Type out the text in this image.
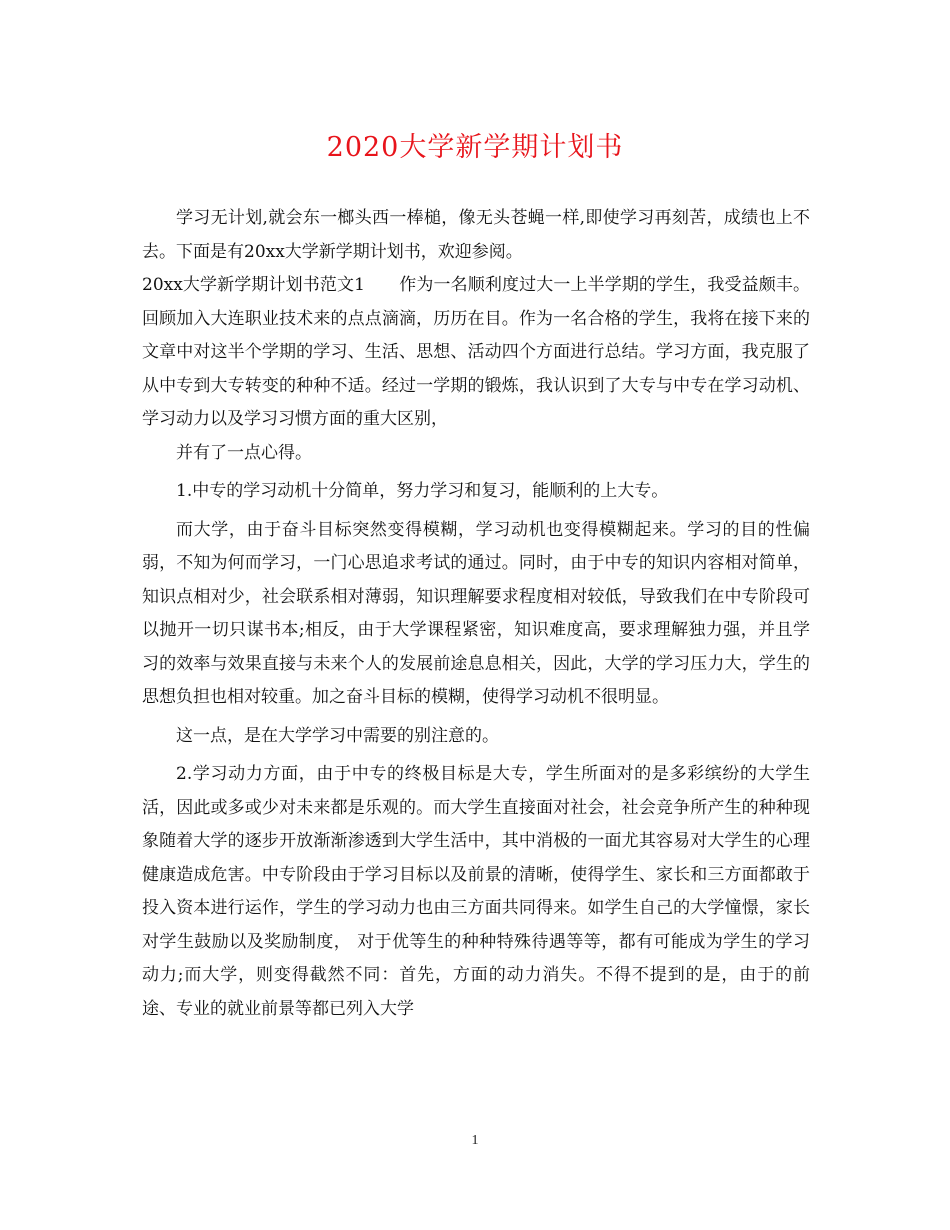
2020大学新学期计划书

学习无计划,就会东一榔头西一棒槌，像无头苍蝇一样,即使学习再刻苦，成绩也上不去。下面是有20xx大学新学期计划书，欢迎参阅。

20xx大学新学期计划书范文1　　作为一名顺利度过大一上半学期的学生，我受益颇丰。回顾加入大连职业技术来的点点滴滴，历历在目。作为一名合格的学生，我将在接下来的文章中对这半个学期的学习、生活、思想、活动四个方面进行总结。学习方面，我克服了从中专到大专转变的种种不适。经过一学期的锻炼，我认识到了大专与中专在学习动机、学习动力以及学习习惯方面的重大区别，

并有了一点心得。

1.中专的学习动机十分简单，努力学习和复习，能顺利的上大专。

而大学，由于奋斗目标突然变得模糊，学习动机也变得模糊起来。学习的目的性偏弱，不知为何而学习，一门心思追求考试的通过。同时，由于中专的知识内容相对简单，知识点相对少，社会联系相对薄弱，知识理解要求程度相对较低，导致我们在中专阶段可以抛开一切只谋书本;相反，由于大学课程紧密，知识难度高，要求理解独力强，并且学习的效率与效果直接与未来个人的发展前途息息相关，因此，大学的学习压力大，学生的思想负担也相对较重。加之奋斗目标的模糊，使得学习动机不很明显。

这一点，是在大学学习中需要的别注意的。

2.学习动力方面，由于中专的终极目标是大专，学生所面对的是多彩缤纷的大学生活，因此或多或少对未来都是乐观的。而大学生直接面对社会，社会竞争所产生的种种现象随着大学的逐步开放渐渐渗透到大学生活中，其中消极的一面尤其容易对大学生的心理健康造成危害。中专阶段由于学习目标以及前景的清晰，使得学生、家长和三方面都敢于投入资本进行运作，学生的学习动力也由三方面共同得来。如学生自己的大学憧憬，家长对学生鼓励以及奖励制度， 对于优等生的种种特殊待遇等等，都有可能成为学生的学习动力;而大学，则变得截然不同：首先，方面的动力消失。不得不提到的是，由于的前途、专业的就业前景等都已列入大学

1
